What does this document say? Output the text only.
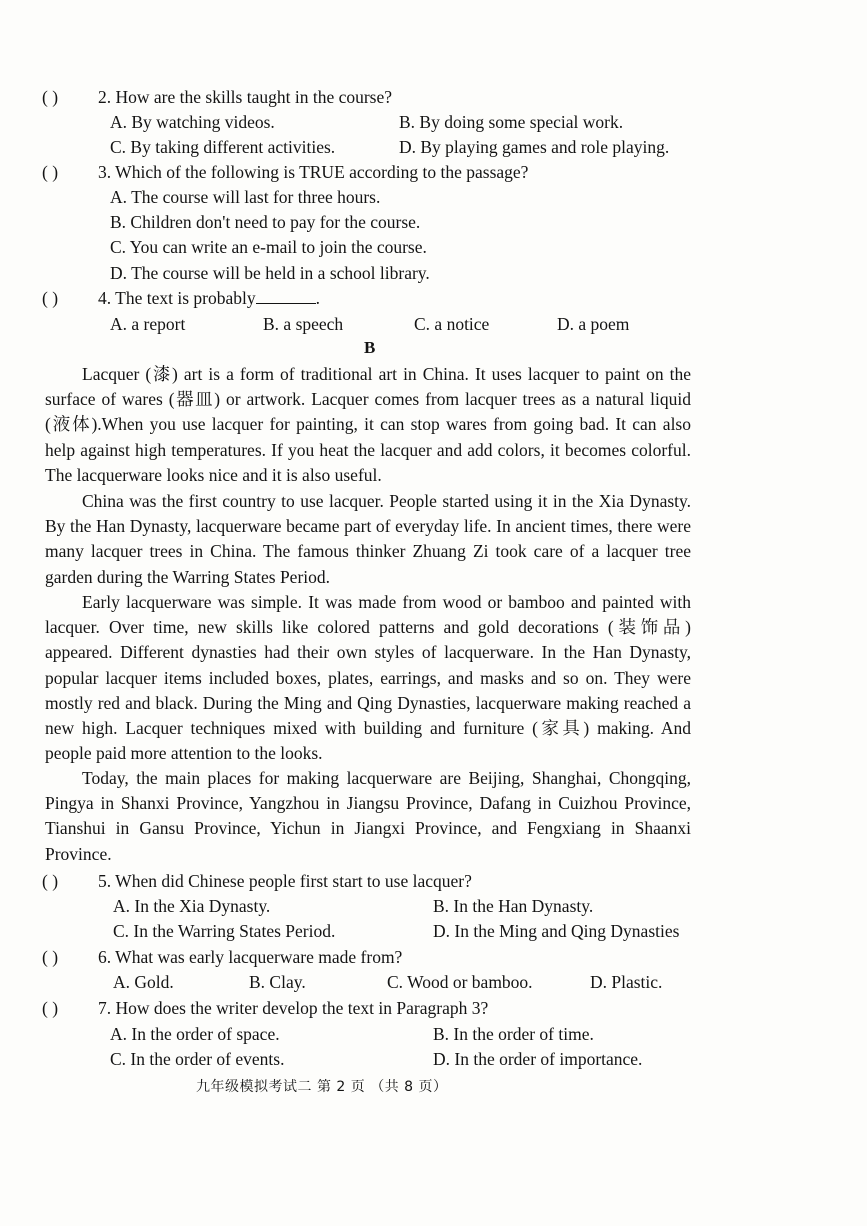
( ) 2. How are the skills taught in the course?
A. By watching videos.	B. By doing some special work.
C. By taking different activities.	D. By playing games and role playing.
( ) 3. Which of the following is TRUE according to the passage?
A. The course will last for three hours.
B. Children don't need to pay for the course.
C. You can write an e-mail to join the course.
D. The course will be held in a school library.
( ) 4. The text is probably	.
A. a report	B. a speech	C. a notice	D. a poem
B
Lacquer (漆) art is a form of traditional art in China. It uses lacquer to paint on the surface of wares (器皿) or artwork. Lacquer comes from lacquer trees as a natural liquid (液体).When you use lacquer for painting, it can stop wares from going bad. It can also help against high temperatures. If you heat the lacquer and add colors, it becomes colorful. The lacquerware looks nice and it is also useful.
China was the first country to use lacquer. People started using it in the Xia Dynasty. By the Han Dynasty, lacquerware became part of everyday life. In ancient times, there were many lacquer trees in China. The famous thinker Zhuang Zi took care of a lacquer tree garden during the Warring States Period.
Early lacquerware was simple. It was made from wood or bamboo and painted with lacquer. Over time, new skills like colored patterns and gold decorations (装饰品) appeared. Different dynasties had their own styles of lacquerware. In the Han Dynasty, popular lacquer items included boxes, plates, earrings, and masks and so on. They were mostly red and black. During the Ming and Qing Dynasties, lacquerware making reached a new high. Lacquer techniques mixed with building and furniture (家具) making. And people paid more attention to the looks.
Today, the main places for making lacquerware are Beijing, Shanghai, Chongqing, Pingya in Shanxi Province, Yangzhou in Jiangsu Province, Dafang in Cuizhou Province, Tianshui in Gansu Province, Yichun in Jiangxi Province, and Fengxiang in Shaanxi Province.
( ) 5. When did Chinese people first start to use lacquer?
A. In the Xia Dynasty.	B. In the Han Dynasty.
C. In the Warring States Period.	D. In the Ming and Qing Dynasties
( ) 6. What was early lacquerware made from?
A. Gold.	B. Clay.	C. Wood or bamboo.	D. Plastic.
( ) 7. How does the writer develop the text in Paragraph 3?
A. In the order of space.	B. In the order of time.
C. In the order of events.	D. In the order of importance.
九年级模拟考试二 第 2 页 （共 8 页）
